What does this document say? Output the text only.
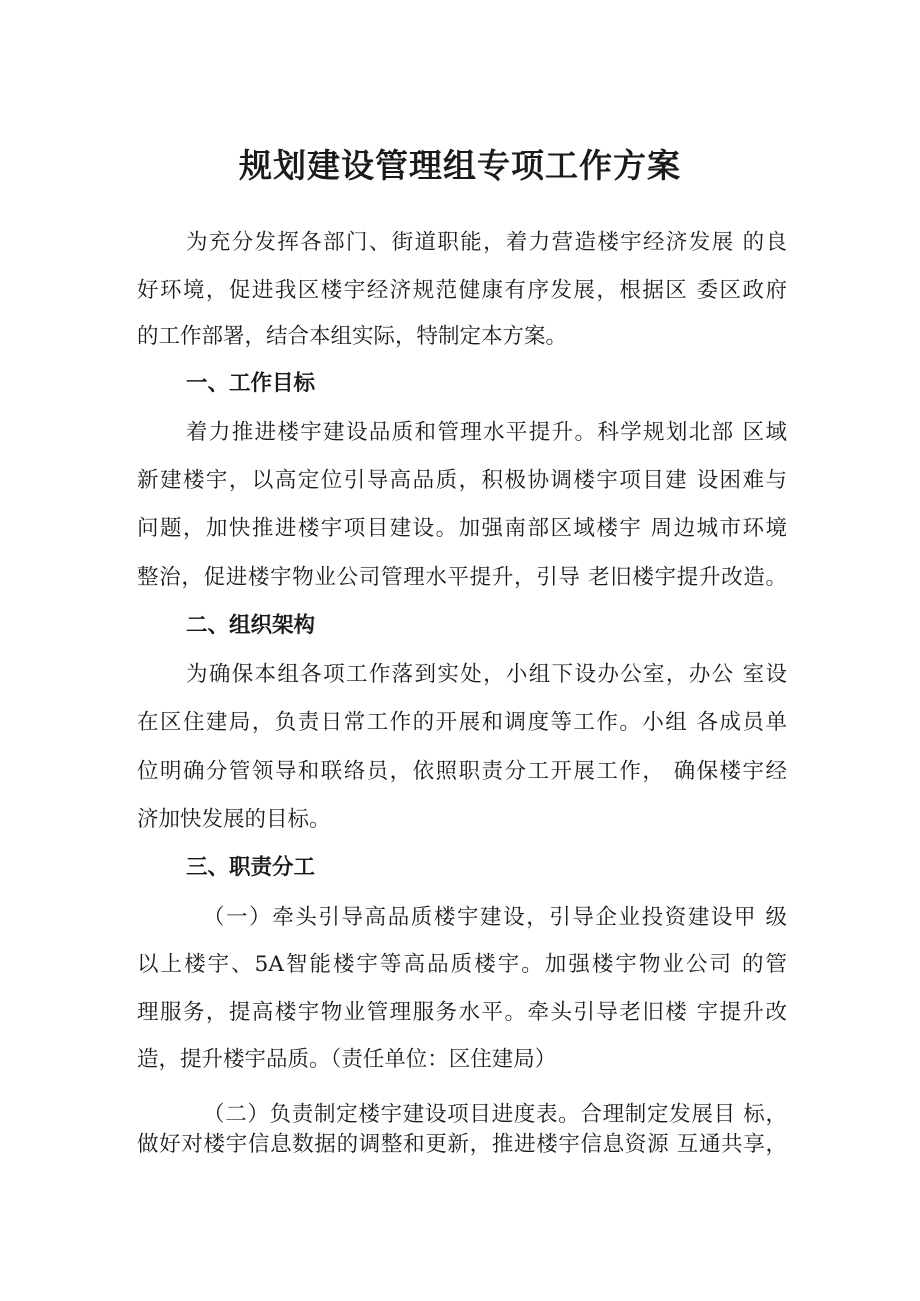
规划建设管理组专项工作方案

为充分发挥各部门、街道职能，着力营造楼宇经济发展 的良

好环境，促进我区楼宇经济规范健康有序发展，根据区 委区政府

的工作部署，结合本组实际，特制定本方案。

一、工作目标

着力推进楼宇建设品质和管理水平提升。科学规划北部 区域

新建楼宇，以高定位引导高品质，积极协调楼宇项目建 设困难与

问题，加快推进楼宇项目建设。加强南部区域楼宇 周边城市环境

整治，促进楼宇物业公司管理水平提升，引导 老旧楼宇提升改造。

二、组织架构

为确保本组各项工作落到实处，小组下设办公室，办公 室设

在区住建局，负责日常工作的开展和调度等工作。小组 各成员单

位明确分管领导和联络员，依照职责分工开展工作， 确保楼宇经

济加快发展的目标。

三、职责分工

（一）牵头引导高品质楼宇建设，引导企业投资建设甲 级

以上楼宇、5A智能楼宇等高品质楼宇。加强楼宇物业公司 的管

理服务，提高楼宇物业管理服务水平。牵头引导老旧楼 宇提升改

造，提升楼宇品质。（责任单位：区住建局）

（二）负责制定楼宇建设项目进度表。合理制定发展目 标，

做好对楼宇信息数据的调整和更新，推进楼宇信息资源 互通共享，
